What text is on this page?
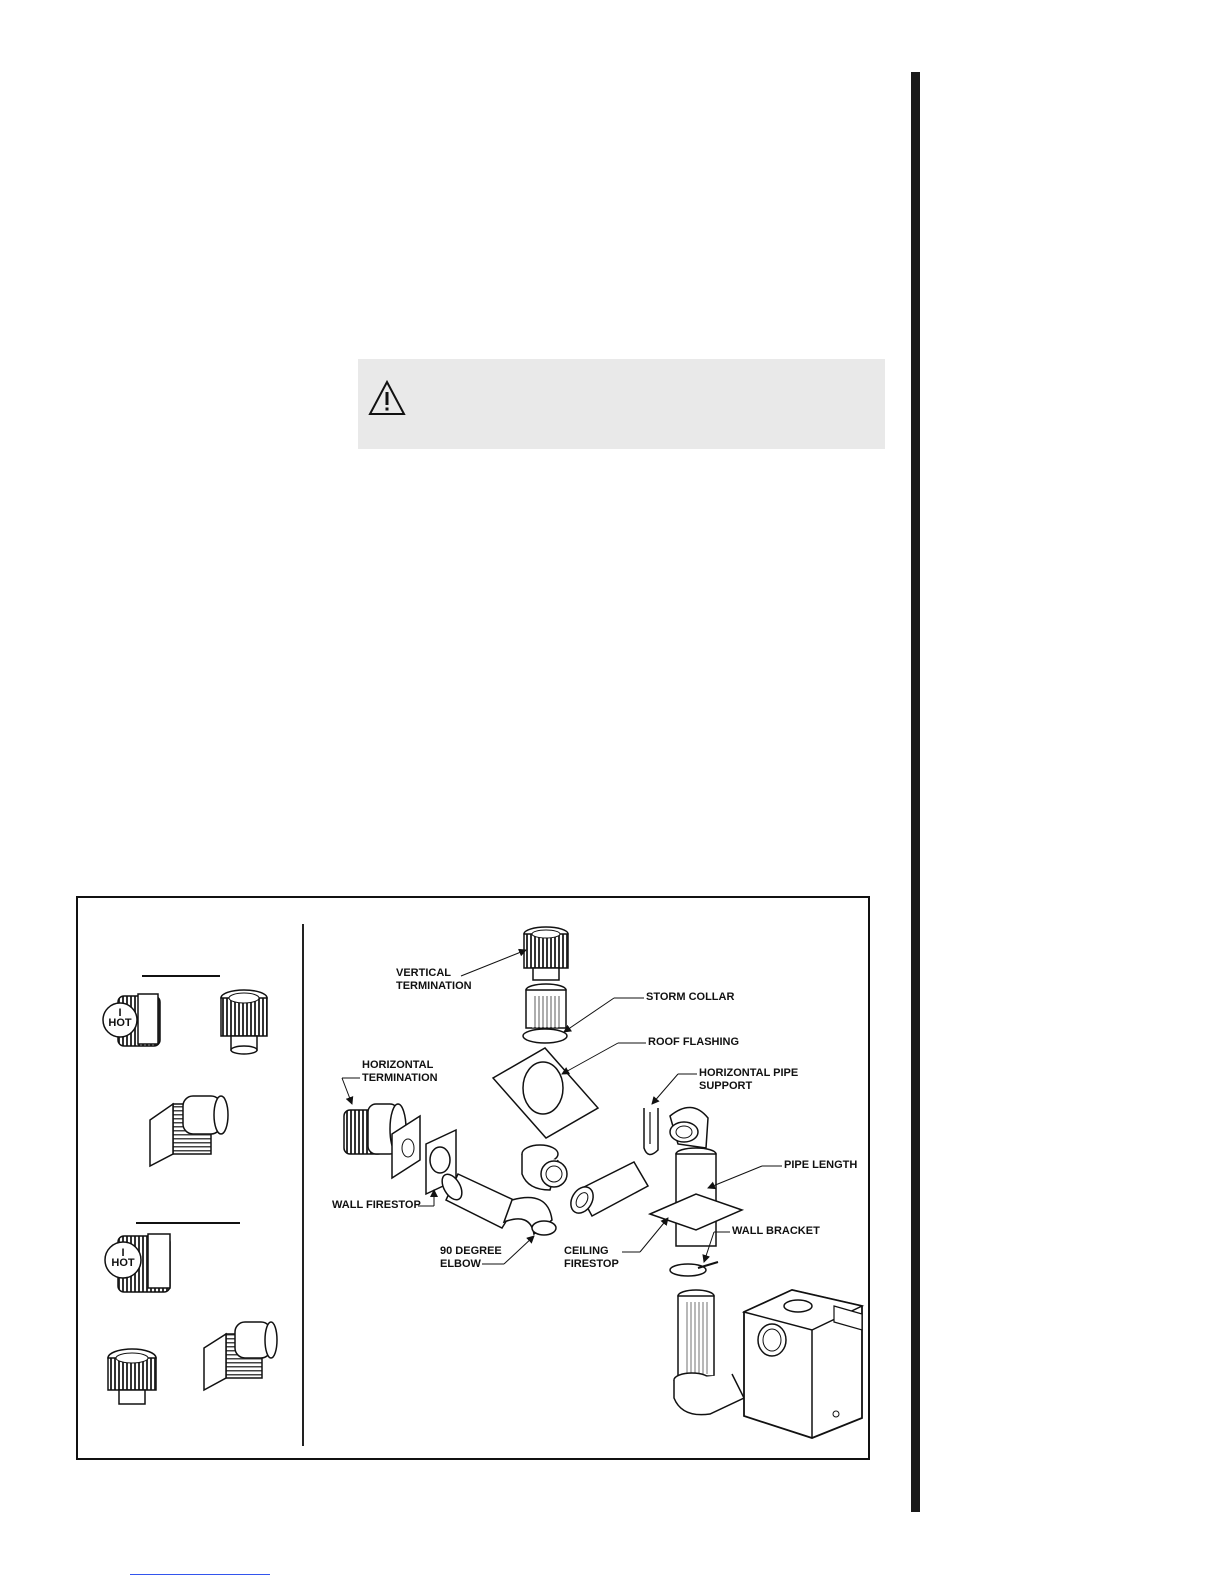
I
HOT
I
HOT
VERTICAL
TERMINATION
STORM COLLAR
ROOF FLASHING
HORIZONTAL
TERMINATION	HORIZONTAL PIPE
SUPPORT
PIPE LENGTH
WALL FIRESTOP
WALL BRACKET
90 DEGREE
ELBOW
CEILING
FIRESTOP
